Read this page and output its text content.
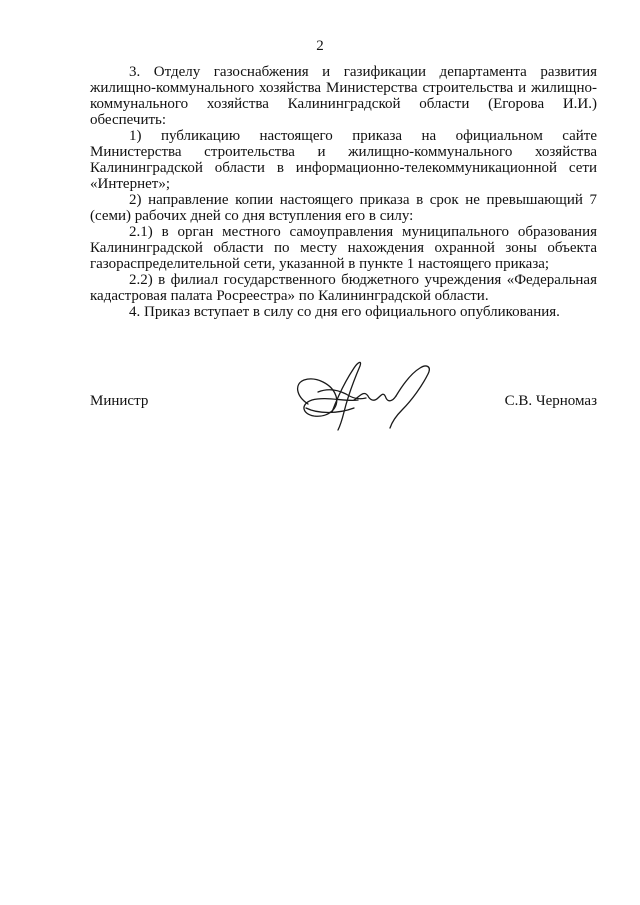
2

3. Отделу газоснабжения и газификации департамента развития жилищно-коммунального хозяйства Министерства строительства и жилищно-коммунального хозяйства Калининградской области (Егорова И.И.) обеспечить:

1) публикацию настоящего приказа на официальном сайте Министерства строительства и жилищно-коммунального хозяйства Калининградской области в информационно-телекоммуникационной сети «Интернет»;

2) направление копии настоящего приказа в срок не превышающий 7 (семи) рабочих дней со дня вступления его в силу:

2.1) в орган местного самоуправления муниципального образования Калининградской области по месту нахождения охранной зоны объекта газораспределительной сети, указанной в пункте 1 настоящего приказа;

2.2) в филиал государственного бюджетного учреждения «Федеральная кадастровая палата Росреестра» по Калининградской области.

4. Приказ вступает в силу со дня его официального опубликования.

Министр	С.В. Черномаз
